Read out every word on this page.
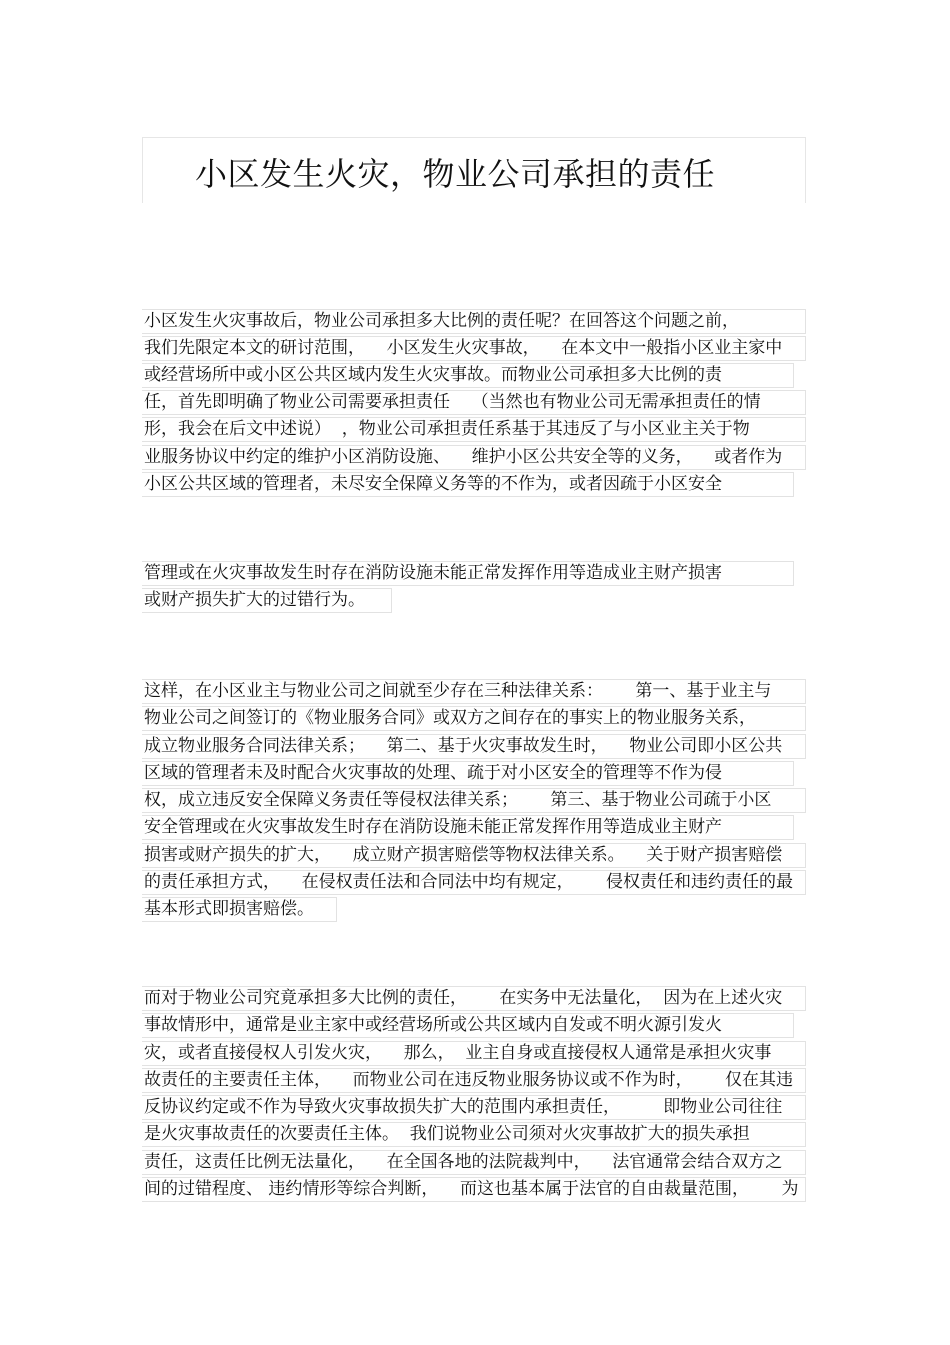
小区发生火灾，物业公司承担的责任
小区发生火灾事故后，物业公司承担多大比例的责任呢？在回答这个问题之前，
我们先限定本文的研讨范围，    小区发生火灾事故，    在本文中一般指小区业主家中
或经营场所中或小区公共区域内发生火灾事故。而物业公司承担多大比例的责
任，首先即明确了物业公司需要承担责任    （当然也有物业公司无需承担责任的情
形，我会在后文中述说）  ，物业公司承担责任系基于其违反了与小区业主关于物
业服务协议中约定的维护小区消防设施、    维护小区公共安全等的义务，    或者作为
小区公共区域的管理者，未尽安全保障义务等的不作为，或者因疏于小区安全
管理或在火灾事故发生时存在消防设施未能正常发挥作用等造成业主财产损害
或财产损失扩大的过错行为。
这样，在小区业主与物业公司之间就至少存在三种法律关系：      第一、基于业主与
物业公司之间签订的《物业服务合同》或双方之间存在的事实上的物业服务关系，
成立物业服务合同法律关系；    第二、基于火灾事故发生时，    物业公司即小区公共
区域的管理者未及时配合火灾事故的处理、疏于对小区安全的管理等不作为侵
权，成立违反安全保障义务责任等侵权法律关系；      第三、基于物业公司疏于小区
安全管理或在火灾事故发生时存在消防设施未能正常发挥作用等造成业主财产
损害或财产损失的扩大，    成立财产损害赔偿等物权法律关系。    关于财产损害赔偿
的责任承担方式，    在侵权责任法和合同法中均有规定，      侵权责任和违约责任的最
基本形式即损害赔偿。
而对于物业公司究竟承担多大比例的责任，      在实务中无法量化，  因为在上述火灾
事故情形中，通常是业主家中或经营场所或公共区域内自发或不明火源引发火
灾，或者直接侵权人引发火灾，    那么，  业主自身或直接侵权人通常是承担火灾事
故责任的主要责任主体，    而物业公司在违反物业服务协议或不作为时，      仅在其违
反协议约定或不作为导致火灾事故损失扩大的范围内承担责任，        即物业公司往往
是火灾事故责任的次要责任主体。  我们说物业公司须对火灾事故扩大的损失承担
责任，这责任比例无法量化，    在全国各地的法院裁判中，    法官通常会结合双方之
间的过错程度、 违约情形等综合判断，    而这也基本属于法官的自由裁量范围，      为
